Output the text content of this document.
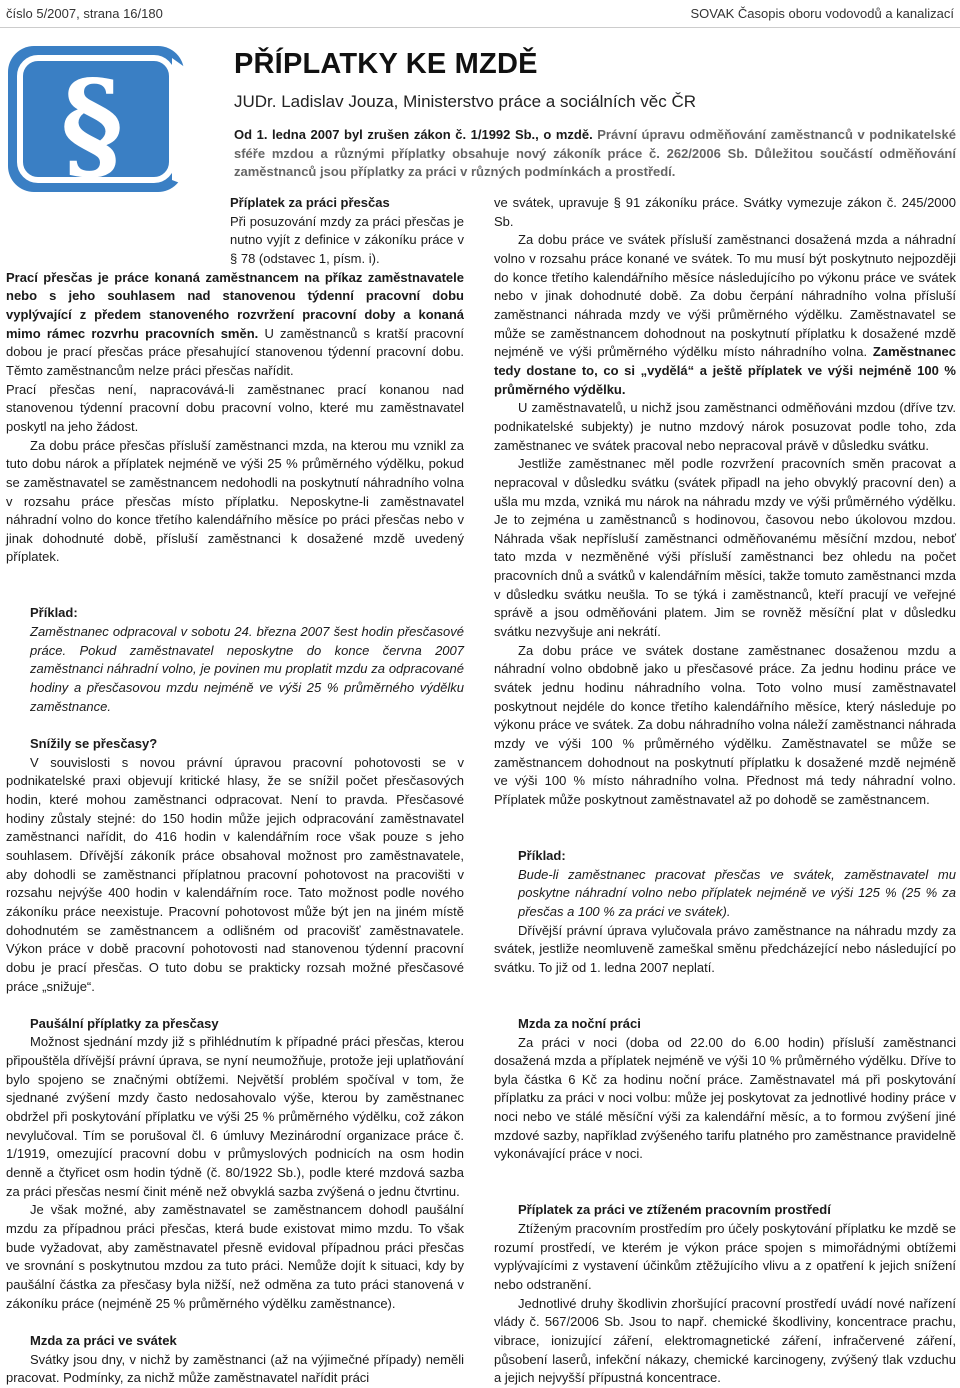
číslo 5/2007, strana 16/180	SOVAK Časopis oboru vodovodů a kanalizací
§	PŘÍPLATKY KE MZDĚ
JUDr. Ladislav Jouza, Ministerstvo práce a sociálních věc ČR
Od 1. ledna 2007 byl zrušen zákon č. 1/1992 Sb., o mzdě. Právní úpravu odměňování zaměstnanců v podnikatelské sféře mzdou a různými příplatky obsahuje nový zákoník práce č. 262/2006 Sb. Důležitou součástí odměňování zaměstnanců jsou příplatky za práci v různých podmínkách a prostředí.
Příplatek za práci přesčas

Při posuzování mzdy za práci přesčas je nutno vyjít z definice v zákoníku práce v § 78 (odstavec 1, písm. i).

Prací přesčas je práce konaná zaměstnancem na příkaz zaměstnavatele nebo s jeho souhlasem nad stanovenou týdenní pracovní dobu vyplývající z předem stanoveného rozvržení pracovní doby a konaná mimo rámec rozvrhu pracovních směn. U zaměstnanců s kratší pracovní dobou je prací přesčas práce přesahující stanovenou týdenní pracovní dobu. Těmto zaměstnancům nelze práci přesčas nařídit.

Prací přesčas není, napracovává-li zaměstnanec prací konanou nad stanovenou týdenní pracovní dobu pracovní volno, které mu zaměstnavatel poskytl na jeho žádost.

Za dobu práce přesčas přísluší zaměstnanci mzda, na kterou mu vznikl za tuto dobu nárok a příplatek nejméně ve výši 25 % průměrného výdělku, pokud se zaměstnavatel se zaměstnancem nedohodli na poskytnutí náhradního volna v rozsahu práce přesčas místo příplatku. Neposkytne-li zaměstnavatel náhradní volno do konce třetího kalendářního měsíce po práci přesčas nebo v jinak dohodnuté době, přísluší zaměstnanci k dosažené mzdě uvedený příplatek.

Příklad:

Zaměstnanec odpracoval v sobotu 24. března 2007 šest hodin přesčasové práce. Pokud zaměstnavatel neposkytne do konce června 2007 zaměstnanci náhradní volno, je povinen mu proplatit mzdu za odpracované hodiny a přesčasovou mzdu nejméně ve výši 25 % průměrného výdělku zaměstnance.

Snížily se přesčasy?

V souvislosti s novou právní úpravou pracovní pohotovosti se v podnikatelské praxi objevují kritické hlasy, že se snížil počet přesčasových hodin, které mohou zaměstnanci odpracovat. Není to pravda. Přesčasové hodiny zůstaly stejné: do 150 hodin může jejich odpracování zaměstnavatel zaměstnanci nařídit, do 416 hodin v kalendářním roce však pouze s jeho souhlasem. Dřívější zákoník práce obsahoval možnost pro zaměstnavatele, aby dohodli se zaměstnanci příplatnou pracovní pohotovost na pracovišti v rozsahu nejvýše 400 hodin v kalendářním roce. Tato možnost podle nového zákoníku práce neexistuje. Pracovní pohotovost může být jen na jiném místě dohodnutém se zaměstnancem a odlišném od pracovišť zaměstnavatele. Výkon práce v době pracovní pohotovosti nad stanovenou týdenní pracovní dobu je prací přesčas. O tuto dobu se prakticky rozsah možné přesčasové práce „snižuje“.

Paušální příplatky za přesčasy

Možnost sjednání mzdy již s přihlédnutím k případné práci přesčas, kterou připouštěla dřívější právní úprava, se nyní neumožňuje, protože jeji uplatňování bylo spojeno se značnými obtížemi. Největší problém spočíval v tom, že sjednané zvýšení mzdy často nedosahovalo výše, kterou by zaměstnanec obdržel při poskytování příplatku ve výši 25 % průměrného výdělku, což zákon nevylučoval. Tím se porušoval čl. 6 úmluvy Mezinárodní organizace práce č. 1/1919, omezující pracovní dobu v průmyslových podnicích na osm hodin denně a čtyřicet osm hodin týdně (č. 80/1922 Sb.), podle které mzdová sazba za práci přesčas nesmí činit méně než obvyklá sazba zvýšená o jednu čtvrtinu.

Je však možné, aby zaměstnavatel se zaměstnancem dohodl paušální mzdu za případnou práci přesčas, která bude existovat mimo mzdu. To však bude vyžadovat, aby zaměstnavatel přesně evidoval případnou práci přesčas ve srovnání s poskytnutou mzdou za tuto práci. Nemůže dojít k situaci, kdy by paušální částka za přesčasy byla nižší, než odměna za tuto práci stanovená v zákoníku práce (nejméně 25 % průměrného výdělku zaměstnance).

Mzda za práci ve svátek

Svátky jsou dny, v nichž by zaměstnanci (až na výjimečné případy) neměli pracovat. Podmínky, za nichž může zaměstnavatel nařídit práci

ve svátek, upravuje § 91 zákoníku práce. Svátky vymezuje zákon č. 245/2000 Sb.

Za dobu práce ve svátek přísluší zaměstnanci dosažená mzda a náhradní volno v rozsahu práce konané ve svátek. To mu musí být poskytnuto nejpozději do konce třetího kalendářního měsíce následujícího po výkonu práce ve svátek nebo v jinak dohodnuté době. Za dobu čerpání náhradního volna přísluší zaměstnanci náhrada mzdy ve výši průměrného výdělku. Zaměstnavatel se může se zaměstnancem dohodnout na poskytnutí příplatku k dosažené mzdě nejméně ve výši průměrného výdělku místo náhradního volna. Zaměstnanec tedy dostane to, co si „vydělá“ a ještě příplatek ve výši nejméně 100 % průměrného výdělku.

U zaměstnavatelů, u nichž jsou zaměstnanci odměňováni mzdou (dříve tzv. podnikatelské subjekty) je nutno mzdový nárok posuzovat podle toho, zda zaměstnanec ve svátek pracoval nebo nepracoval právě v důsledku svátku.

Jestliže zaměstnanec měl podle rozvržení pracovních směn pracovat a nepracoval v důsledku svátku (svátek připadl na jeho obvyklý pracovní den) a ušla mu mzda, vzniká mu nárok na náhradu mzdy ve výši průměrného výdělku. Je to zejména u zaměstnanců s hodinovou, časovou nebo úkolovou mzdou. Náhrada však nepřísluší zaměstnanci odměňovanému měsíční mzdou, neboť tato mzda v nezměněné výši přísluší zaměstnanci bez ohledu na počet pracovních dnů a svátků v kalendářním měsíci, takže tomuto zaměstnanci mzda v důsledku svátku neušla. To se týká i zaměstnanců, kteří pracují ve veřejné správě a jsou odměňováni platem. Jim se rovněž měsíční plat v důsledku svátku nezvyšuje ani nekrátí.

Za dobu práce ve svátek dostane zaměstnanec dosaženou mzdu a náhradní volno obdobně jako u přesčasové práce. Za jednu hodinu práce ve svátek jednu hodinu náhradního volna. Toto volno musí zaměstnavatel poskytnout nejdéle do konce třetího kalendářního měsíce, který následuje po výkonu práce ve svátek. Za dobu náhradního volna náleží zaměstnanci náhrada mzdy ve výši 100 % průměrného výdělku. Zaměstnavatel se může se zaměstnancem dohodnout na poskytnutí příplatku k dosažené mzdě nejméně ve výši 100 % místo náhradního volna. Přednost má tedy náhradní volno. Příplatek může poskytnout zaměstnavatel až po dohodě se zaměstnancem.

Příklad:

Bude-li zaměstnanec pracovat přesčas ve svátek, zaměstnavatel mu poskytne náhradní volno nebo příplatek nejméně ve výši 125 % (25 % za přesčas a 100 % za práci ve svátek).

Dřívější právní úprava vylučovala právo zaměstnance na náhradu mzdy za svátek, jestliže neomluveně zameškal směnu předcházející nebo následující po svátku. To již od 1. ledna 2007 neplatí.

Mzda za noční práci

Za práci v noci (doba od 22.00 do 6.00 hodin) přísluší zaměstnanci dosažená mzda a příplatek nejméně ve výši 10 % průměrného výdělku. Dříve to byla částka 6 Kč za hodinu noční práce. Zaměstnavatel má při poskytování příplatku za práci v noci volbu: může jej poskytovat za jednotlivé hodiny práce v noci nebo ve stálé měsíční výši za kalendářní měsíc, a to formou zvýšení jiné mzdové sazby, například zvýšeného tarifu platného pro zaměstnance pravidelně vykonávající práce v noci.

Příplatek za práci ve ztíženém pracovním prostředí

Ztíženým pracovním prostředím pro účely poskytování příplatku ke mzdě se rozumí prostředí, ve kterém je výkon práce spojen s mimořádnými obtížemi vyplývajícími z vystavení účinkům ztěžujícího vlivu a z opatření k jejich snížení nebo odstranění.

Jednotlivé druhy škodlivin zhoršující pracovní prostředí uvádí nové nařízení vlády č. 567/2006 Sb. Jsou to např. chemické škodliviny, koncentrace prachu, vibrace, ionizující záření, elektromagnetické záření, infračervené záření, působení laserů, infekční nákazy, chemické karcinogeny, zvýšený tlak vzduchu a jejich nejvyšší přípustná koncentrace.
